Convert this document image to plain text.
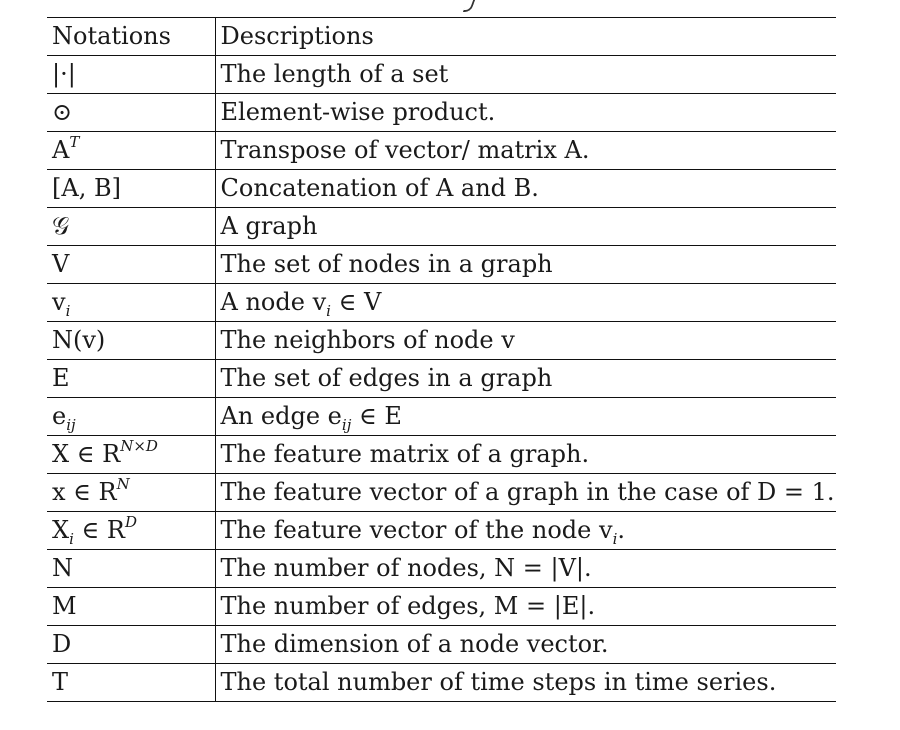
Notations	Descriptions
|·|	The length of a set
⊙	Element-wise product.
$A^T$	Transpose of vector/ matrix A.
[A, B]	Concatenation of A and B.
𝒢	A graph
V	The set of nodes in a graph
$v_i$	A node $v_i$ ∈ V
N(v)	The neighbors of node v
E	The set of edges in a graph
$e_{ij}$	An edge $e_{ij}$ ∈ E
X ∈ $R^{N\times D}$	The feature matrix of a graph.
x ∈ $R^N$	The feature vector of a graph in the case of D = 1.
$X_i$ ∈ $R^D$	The feature vector of the node $v_i$.
N	The number of nodes, N = |V|.
M	The number of edges, M = |E|.
D	The dimension of a node vector.
T	The total number of time steps in time series.
